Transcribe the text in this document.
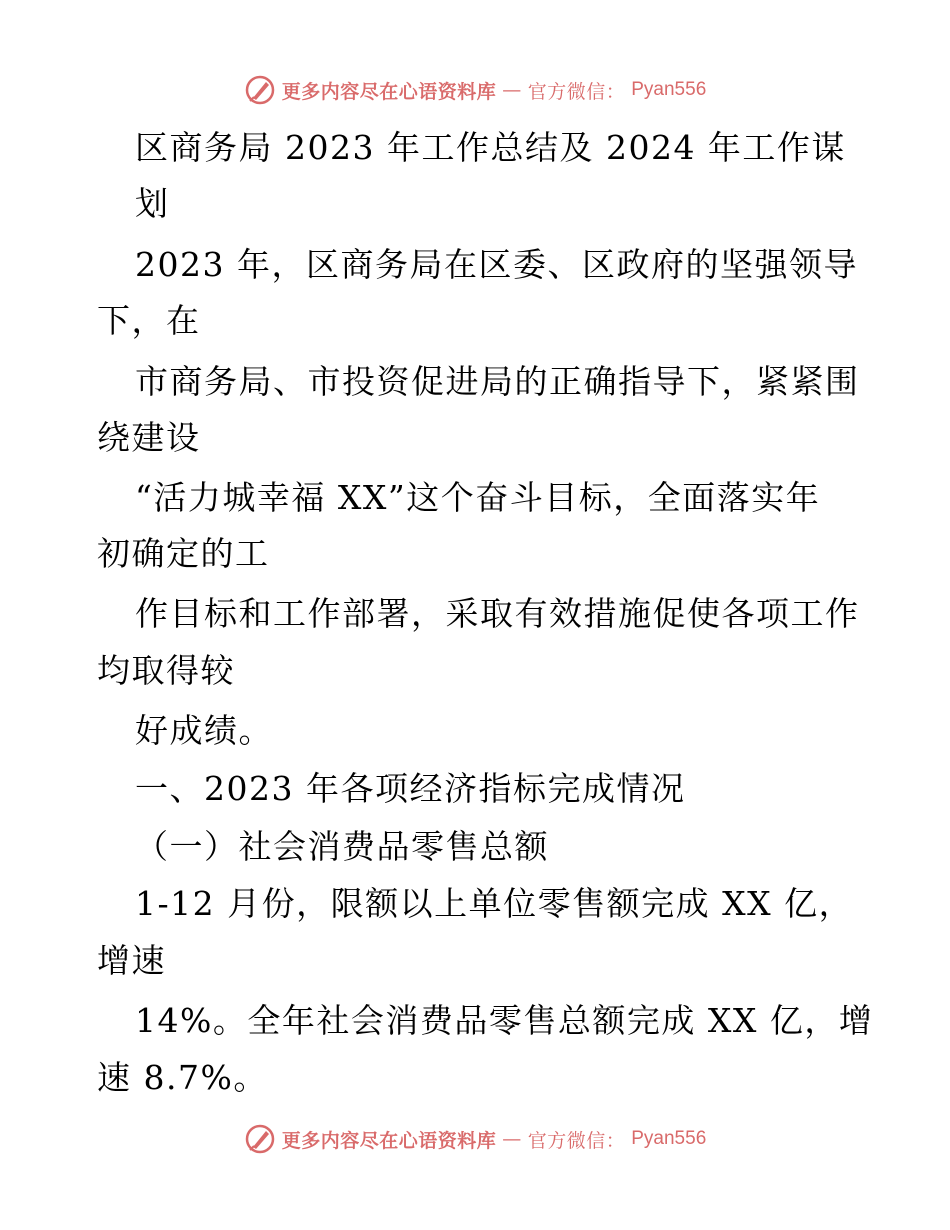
更多内容尽在心语资料库 — 官方微信： Pyan556
区商务局 2023 年工作总结及 2024 年工作谋
划
2023 年，区商务局在区委、区政府的坚强领导
下，在
市商务局、市投资促进局的正确指导下，紧紧围
绕建设
“活力城幸福 XX”这个奋斗目标，全面落实年
初确定的工
作目标和工作部署，采取有效措施促使各项工作
均取得较
好成绩。
一、2023 年各项经济指标完成情况
（一）社会消费品零售总额
1-12 月份，限额以上单位零售额完成 XX 亿，
增速
14%。全年社会消费品零售总额完成 XX 亿，增
速 8.7%。
更多内容尽在心语资料库 — 官方微信： Pyan556
